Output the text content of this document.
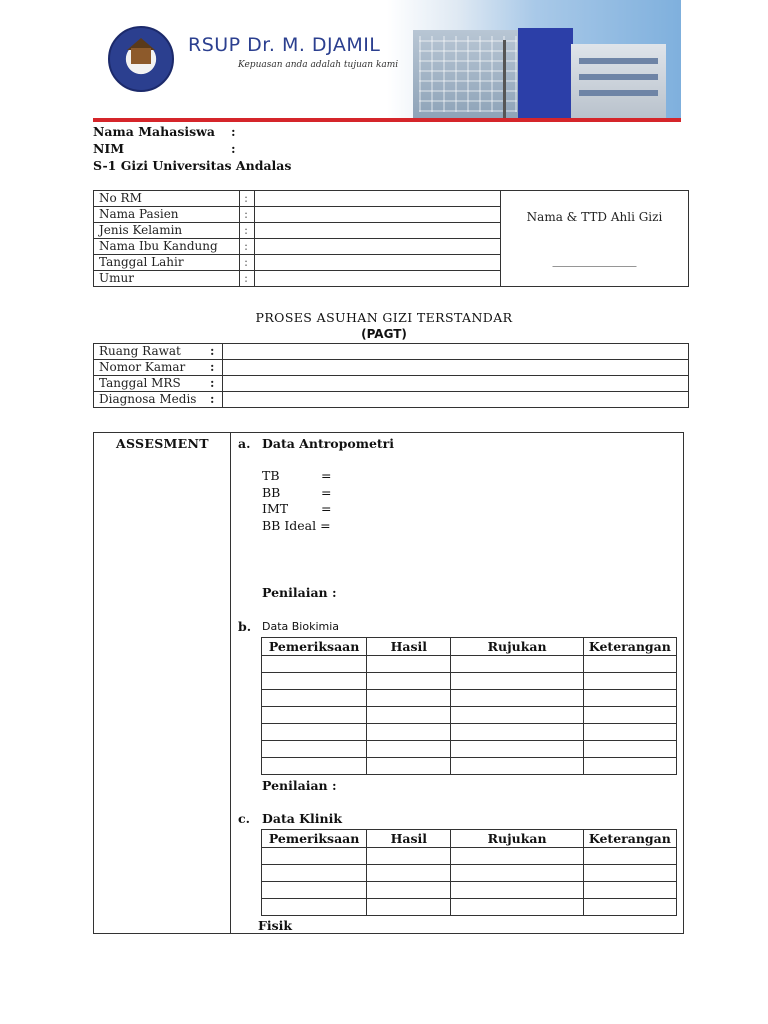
RSUP Dr. M. DJAMIL
Kepuasan anda adalah tujuan kami
Nama Mahasiswa :
NIM	:
S-1 Gizi Universitas Andalas
No RM	:		Nama & TTD Ahli Gizi
______________

Nama Pasien	:		
Jenis Kelamin	:		
Nama Ibu Kandung	:		
Tanggal Lahir	:		
Umur	:		
PROSES ASUHAN GIZI TERSTANDAR
(PAGT)
Ruang Rawat	:	
Nomor Kamar	:	
Tanggal MRS	:	
Diagnosa Medis	:	
ASSESMENT a. Data Antropometri
TB	=
BB	=
IMT	=
BB Ideal =
Penilaian :
b. Data Biokimia
Pemeriksaan	Hasil	Rujukan	Keterangan

Penilaian :
c. Data Klinik
Pemeriksaan	Hasil	Rujukan	Keterangan

Fisik
